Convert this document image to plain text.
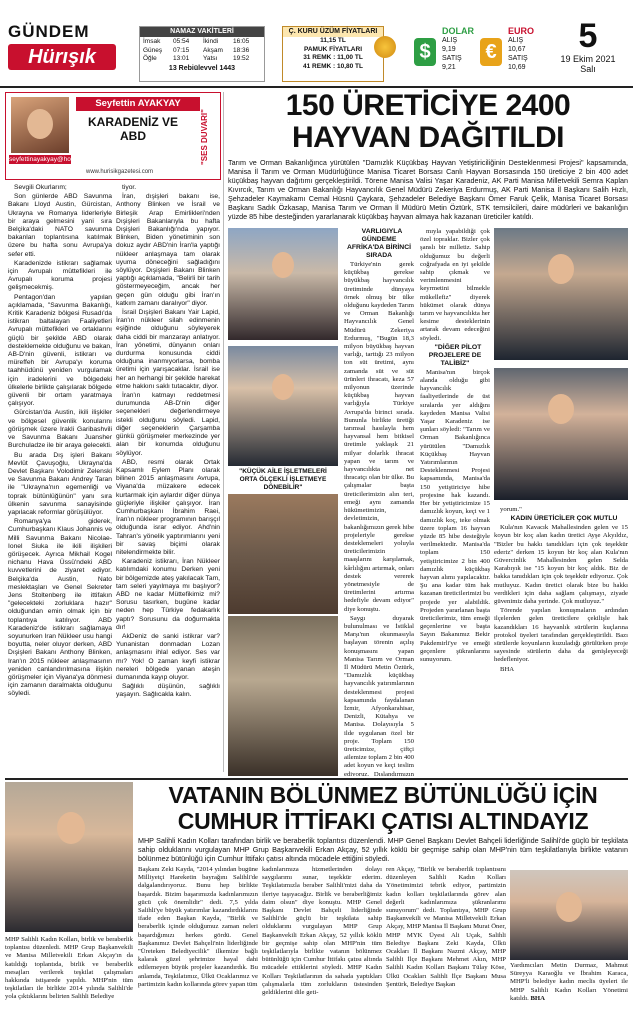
GÜNDEM
Hürışık
NAMAZ VAKİTLERİ
İmsak	05:54	İkindi	16:05
Güneş	07:15	Akşam	18:36
Öğle	13:01	Yatsı	19:52
13 Rebiülevvel 1443
Ç. KURU ÜZÜM FİYATLARI
11,15 TL
PAMUK FİYATLARI
31 REMK : 11,00 TL
41 REMK : 10,80 TL
$
DOLAR
ALIŞ
9,19
SATIŞ
9,21
€
EURO
ALIŞ
10,67
SATIŞ
10,69
5
19 Ekim 2021
Salı
seyfettinayakyay@hotmail.com
Seyfettin AYAKYAY
KARADENİZ VE ABD
www.hurisikgazetesi.com
"SES DUVARI"

Sevgili Okurlarım;

Son günlerde ABD Savunma Bakanı Lloyd Austin, Gürcistan, Ukrayna ve Romanya liderleriyle bir araya gelmesini yani sıra Belçika'daki NATO savunma bakanları toplantısına katılmak üzere bu hafta sonu Avrupa'ya sefer etti.

Karadenizde istikrarı sağlamak için Avrupalı müttefikleri ile Avrupalı koruma projesi gelişmecekmiş.

Pentagon'dan yapılan açıklamada, "Savunma Bakanlığı, Kritik Karadeniz bölgesi Rusadı'da istikrarı baltalayan Faaliyetleri Avrupalı müttefikleri ve ortaklarını güçlü bir şekilde ABD olarak desteklemekte olduğunu ve bakan, AB-D'nin güvenli, istikrarı ve müreffeh bir Avrupa'yı koruma taahhüdünü yeniden vurgulamak için iradelerini ve bölgedeki ülkelerle birlikte çalışılarak bölgede güvenli bir ortam yaratmaya çalışıyor.

Gürcistan'da Austin, ikili ilişkiler ve bölgesel güvenlik konularını görüşmek üzere Irakli Garibashvili ve Savunma Bakanı Juansher Burchuladze ile bir araya gelecekti.

Bu arada Dış işleri Bakanı Mevlüt Çavuşoğlu, Ukrayna'da Devlet Başkanı Volodimir Zelenski ve Savunma Bakanı Andrey Taran ile "Ukrayna'nın egemenliği ve toprak bütünlüğünün" yanı sıra ülkenin savunma sanayisinde yapılacak reformlar görüşülüyor.

Romanya'ya giderek, Cumhurbaşkanı Klaus Johannis ve Milli Savunma Bakanı Nicolae-Ionel Siuka ile ikili ilişkileri görüşecek. Ayrıca Mikhail Kogel nichanu Hava Üssü'ndeki ABD kuvvetlerini de ziyaret ediyor. Belçika'da Austin, Nato meslektaşları ve Genel Sekreter Jens Stoltenberg ile ittifakın "gelecekteki zorluklara hazır" olduğundan emin olmak için bir toplantıya katılıyor. ABD Karadeniz'de istikrarı sağlamaya soyunurken Iran Nükleer usu hangi boyutta, neler oluyor derken, ABD Dışişleri Bakanı Anthony Blinken, Iran'ın 2015 nükleer anlaşmasının yeniden canlandırılmasına ilişkin görüşmeler için Viyana'ya dönmesi için zamanın daralmakta olduğunu söyledi.

tiyor.

İran, dışişleri bakanı ise, Anthony Blinken ve İsrail ve Birleşik Arap Emirlikleri'nden Dışişleri Bakanlarıyla bu hafta Dışişleri Bakanlığı'nda yapıyor. Blinken, Biden yönetiminin son dokuz aydır ABD'nin İran'la yaptığı nükleer anlaşmaya tam olarak uyuma döneceğini sağladığını söylüyor. Dışişleri Bakanı Blinken yaptığı açıklamada, "Belirli bir tarih göstermeyeceğim, ancak her geçen gün olduğu gibi İran'ın katkım zamanı daralıyor" diyor.

İsrail Dışişleri Bakanı Yair Lapid, İran'ın nükleer silah edinmenin eşiğinde olduğunu söyleyerek daha ciddi bir manzarayı anlatıyor. İran yönetimi, dünyanın onları durdurma konusunda ciddi olduğuna inanmıyorlarsa, bomba üretimi için yarışacaklar. İsrail ise her an herhangi bir şekilde harekat etme hakkını saklı tutacaktır, diyor.

İran'ın katmayı reddetmesi durumunda AB-D'nin diğer seçenekleri değerlendirmeye istekli olduğunu söyledi. Lapid, diğer seçeneklerin Çarşamba günkü görüşmeler merkezinde yer alan bir konumda olduğunu söylüyor.

ABD, resmi olarak Ortak Kapsamlı Eylem Planı olarak bilinen 2015 anlaşmasını Avrupa, Viyana'da müzakere edecek kurtarmak için aylardır diğer dünya güçleriyle ilişkiler çalışıyor. İran Cumhurbaşkanı İbrahim Raei, İran'ın nükleer programının barışçıl olduğunda israr ediyor. Ahd'nin Tahran's yönelik yaptırımlarını yeni bir savaş biçimi olarak nitelendirmekte bilir.

Karadeniz istikrarı, İran Nükleer katılımdaki konumu Derken yeni bir bölgemizde ateş yakılacak Tam, tam seleri yayılmaya mı başlıyor? ABD ne kadar Müttefikimiz mi? Sorusu tasırken, bugüne kadar neden hep Türkiye fedakarlık yaptı? Sorusunu da doğurmakta dır!

AkDeniz de sanki istikrar var? Yunanistan donmadan Lozan anlaşmasını ihlal ediyor. Ses var mı? Yok! O zaman keyfi istikrar nereleri bölgede yanan ateşin dumanında kayıp oluyor.

Sağlıklı düşünün, sağlıklı yaşayın. Sağlıcakla kalın.

150 ÜRETİCİYE 2400 HAYVAN DAĞITILDI
Tarım ve Orman Bakanlığınca yürütülen "Damızlık Küçükbaş Hayvan Yetiştiriciliğinin Desteklenmesi Projesi" kapsamında, Manisa İl Tarım ve Orman Müdürlüğünce Manisa Ticaret Borsası Canlı Hayvan Borsasında 150 üreticiye 2 bin 400 adet küçükbaş hayvan dağıtımı gerçekleştirildi. Törene Manisa Valisi Yaşar Karadeniz, AK Parti Manisa Milletvekili Semra Kaplan Kıvırcık, Tarım ve Orman Bakanlığı Hayvancılık Genel Müdürü Zekeriya Erdurmuş, AK Parti Manisa İl Başkanı Salih Hızlı, Şehzadeler Kaymakamı Cemal Hüsnü Çaykara, Şehzadeler Belediye Başkanı Ömer Faruk Çelik, Manisa Ticaret Borsası Başkanı Sadık Özkasap, Manisa Tarım ve Orman İl Müdürü Metin Öztürk, STK temsilcileri, daire müdürleri ve bakanlığın yüzde 85 hibe desteğinden yararlanarak küçükbaş hayvan almaya hak kazanan üreticiler katıldı.
"KÜÇÜK AİLE İŞLETMELERİ ORTA ÖLÇEKLİ İŞLETMEYE DÖNEBİLİR"

VARLIĞIYLA GÜNDEME AFRİKA'DA BİRİNCİ SIRADA

Türkiye'nin gerek küçükbaş gerekse büyükbaş hayvancılık üretiminde dünyaya örnek olmuş bir ülke olduğunu kaydeden Tarım ve Orman Bakanlığı Hayvancılık Genel Müdürü Zekeriya Erdurmuş, "Bugün 18,3 milyon büyükbaş hayvan varlığı, tarttığı 23 milyon ton süt üretimi, aynı zamanda süt ve süt ürünleri ihracatı, keza 57 milyonun üzerinde küçükbaş hayvan varlığıyla Türkiye Avrupa'da birinci sırada. Bununla birlikte üretiği tarımsal hasılayla hem hayvansal hem bitkisel üretimle yaklaşık 21 milyar dolarlık ihracat yapan ve tarım ve hayvancılıkta net ihracatçı olan bir ülke. Bu çalışmalar başta üreticilerimizin alın teri, emeği aynı zamanda hükümetimizin, devletimizin, bakanlığımızın gerek hibe projeleriyle gerekse desteklemeleri yoluyla üreticilerimizin maaşlarını karşılamak, kârlılığını artırmak, onları destek vererek yönetmesiyle de üretimlerini artırma hedefiyle devam ediyor" diye konuştu.

Saygı duyarak bulunulması ve İstiklal Marşı'nın okunmasıyla başlayan törenin açılış konuşmasını yapan Manisa Tarım ve Orman İl Müdürü Metin Öztürk, "Damızlık küçükbaş hayvancılık yatırımlarının desteklenmesi projesi kapsamında faydalanan İzmir, Afyonkarahisar, Denizli, Kütahya ve Manisa. Dolayısıyla 5 ilde uygulanan özel bir proje. Toplam 150 üreticimize, çiftçi ailemize toplam 2 bin 400 adet koyun ve keçi teslim ediyoruz. Dışlandırmızın

mıyla yapabildiği çok özel topraklar. Bizler çok şanslı bir milletiz. Sahip olduğumuz bu değerli coğrafyada en iyi şekilde sahip çıkmak ve verimlenmesini keyrmetini bilmekle mükellefiz" diyerek hükümet olarak dünya tarım ve hayvancılıkta her kesime desteklerinin artarak devam edeceğini söyledi.

"DİĞER PİLOT PROJELERE DE TALİBİZ"

Manisa'nın birçok alanda olduğu gibi hayvancılık faaliyetlerinde de üst sıralarda yer aldığını kaydeden Manisa Valisi Yaşar Karadeniz ise şunları söyledi: "Tarım ve Orman Bakanlığınca yürütülen "Damızlık Küçükbaş Hayvan Yatırımlarının Desteklenmesi Projesi kapsamında, Manisa'da 150 yetiştiriciye hibe projesine hak kazandı. Her bir yetiştiricimize 15 damızlık koyun, keçi ve 1 damızlık koç, teke olmak üzere toplam 16 hayvan yüzde 85 hibe desteğiyle verilmektedir. Manisa'da toplam 150 yetiştiricimize 2 bin 400 damızlık küçükbaş hayvan alımı yapılacaktır. Şu ana kadar tüm hak kazanan üreticilerimizi bu projede yer alabildik. Projeden yararlanan başta üreticilerimiz, tüm emeği geçenlerine ve başta Sayın Bakanımız Bekir Pakdemirli'ye ve emeği geçenlere şükranlarımı sunuyorum.

yorum."

KADIN ÜRETİCİLER ÇOK MUTLU

Kula'nın Kavacık Mahallesinden gelen ve 15 koyun bir koç alan kadın üretici Ayşe Akyıldız, "Bizler bu hakkı tanıdıkları için çok teşekkür ederiz" derken 15 koyun bir koç alan Kula'nın Güvercinlik Mahallesinden gelen Selda Karabıyık ise "15 koyun bir koç aldık. Biz de bakka tanıdıkları için çok teşekkür ediyoruz. Çok mutluyuz. Kadın üretici olarak bize bu hakkı verdikleri için daha sağlam çalışmayı, ziyade güvenimiz daha yerinde. Çok mutluyuz."

Törende yapılan konuşmaların ardından ilçelerden gelen üreticilere çekilişle hak kazandıkları 16 hayvanlık sürülerin kuçlarına protokol üyeleri tarafından gerçekleştirildi. Bazı sürülerde koyunların kuzuladığı görülürken proje sayesinde sürülerin daha da genişleyeceği hedefleniyor.

BHA

MHP Salihli Kadın Kolları, birlik ve beraberlik toplantısı düzenledi. MHP Grup Başkanvekili ve Manisa Milletvekili Erkan Akçay'ın da katıldığı toplantıda, birlik ve beraberlik mesajları verilerek teşkilat çalışmaları hakkında istişarede yapıldı. MHP'nin tüm teşkilatları ile birlikte 2014 yılında Salihli'de yola çıktıklarını belirten Salihli Belediye
VATANIN BÖLÜNMEZ BÜTÜNLÜĞÜ İÇİN CUMHUR İTTİFAKI ÇATISI ALTINDAYIZ
MHP Salihli Kadın Kolları tarafından birlik ve beraberlik toplantısı düzenlendi. MHP Genel Başkanı Devlet Bahçeli liderliğinde Salihli'de güçlü bir teşkilata sahip olduklarını vurgulayan MHP Grup Başkanvekili Erkan Akçay, 52 yıllık köklü bir geçmişe sahip olan MHP'nin tüm teşkilatlarıyla birlikte vatanın bölünmez bütünlüğü için Cumhur İttifakı çatısı altında mücadele ettiğini söyledi.
Başkanı Zeki Kayda, "2014 yılından bugüne Milliyetçi Hareketin bayrağını Salihli'de dalgalandırıyoruz. Bunu hep birlikte başardık. Bizim başarımızda kadınlarımızın gücü çok önemlidir" dedi. 7,5 yılda Salihli'ye büyük yatırımlar kazandırdıklarını ifade eden Başkan Kayda, "Birlik ve beraberlik içinde olduğumuz zaman neleri başardığımızı herkes gördü. Genel Başkanımız Devlet Bahçeli'nin liderliğinde "Üreteken Belediyecilik" ilkemize bağlı kalarak güzel şehrimize hayal dahi edilemeyen büyük projeler kazandırdık. Bu anlamda, Teşkilatımız, Ülkü Ocaklarımız ve partimizin kadın kollarında görev yapan tüm
kadınlarımıza hizmetlerinden dolayı saygılarımı sunar, teşekkür ederim. Teşkilatımızla beraber Salihli'mizi daha da ileriye taşıyacağız. Birlik ve beraberliğimiz daim olsun" diye konuştu. MHP Genel Başkanı Devlet Bahçeli liderliğinde Salihli'de güçlü bir teşkilata sahip olduklarını vurgulayan MHP Grup Başkanvekili Erkan Akçay, 52 yıllık köklü bir geçmişe sahip olan MHP'nin tüm teşkilatlarıyla birlikte vatanın bölünmez bütünlüğü için Cumhur İttifakı çatısı altında mücadele ettiklerini söyledi. MHP Kadın Kolları Teşkilatlarının da sahada yaptıkları çalışmalarla tüm zorlukların üstesinden geldiklerini dile geti-
ren Akçay, "Birlik ve beraberlik toplantısını düzenleyen Salihli Kadın Kolları Yönetimimizi tebrik ediyor, partimizin kadın kolları teşkilatlarında görev alan değerli kadınlarımıza şükranlarımı sunuyorum" dedi. Toplantıya, MHP Grup Başkanvekili ve Manisa Milletvekili Erkan Akçay, MHP Manisa İl Başkanı Murat Öner, MHP MYK Üyesi Ali Uçak, Salihli Belediye Başkanı Zeki Kayda, Ülkü Ocakları İl Başkanı Nazmi Akçay, MHP Salihli İlçe Başkanı Mehmet Akın, MHP Salihli Kadın Kolları Başkanı Tülay Köse, Ülkü Ocakları Salihli İlçe Başkanı Musa Şentürk, Belediye Başkan
Yardımcıları Metin Durmaz, Mahmut Süreyya Karaoğlu ve İbrahim Karaca, MHP'li belediye kadın meclis üyeleri ile MHP Salihli Kadın Kolları Yönetimi katıldı. BHA
